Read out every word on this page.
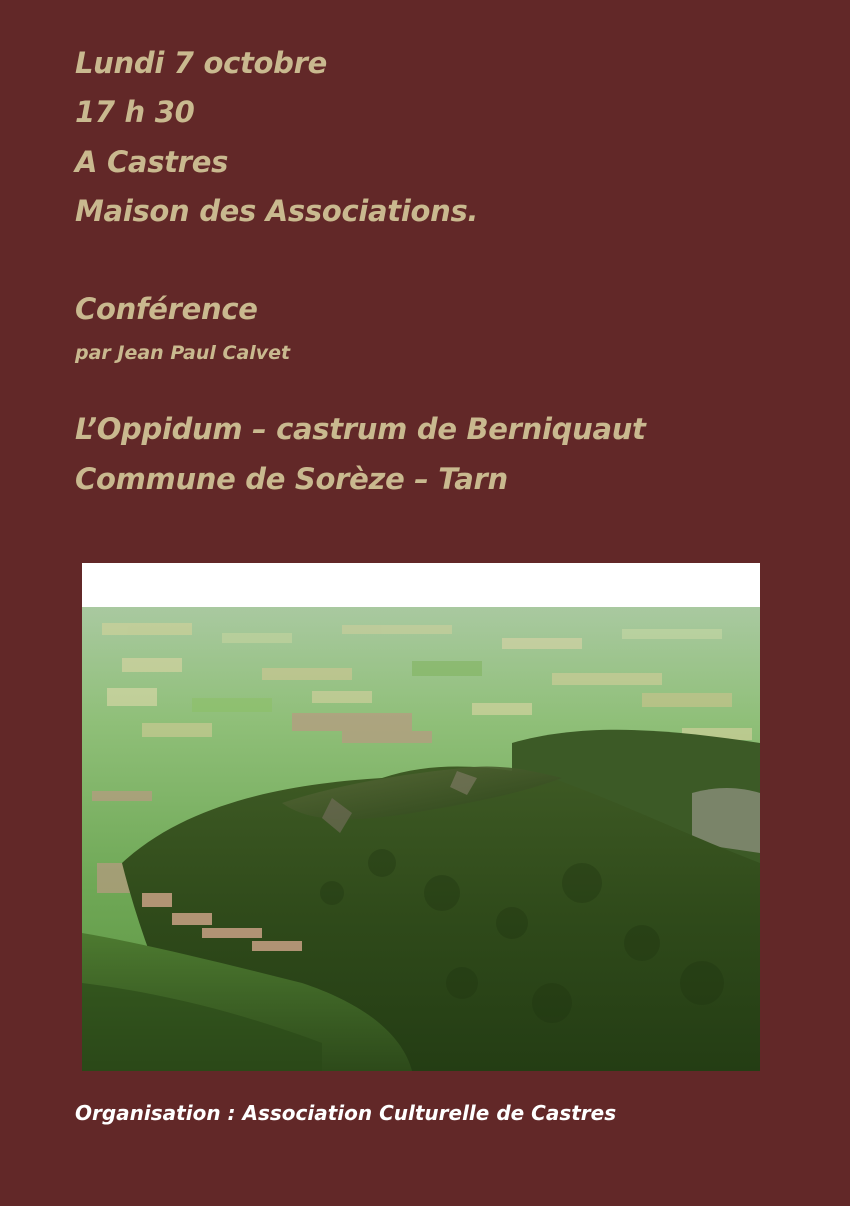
Lundi 7 octobre
17 h 30
A Castres
Maison des Associations.
Conférence
par Jean Paul Calvet
L’Oppidum – castrum de Berniquaut
Commune de Sorèze – Tarn
Organisation : Association Culturelle de Castres
